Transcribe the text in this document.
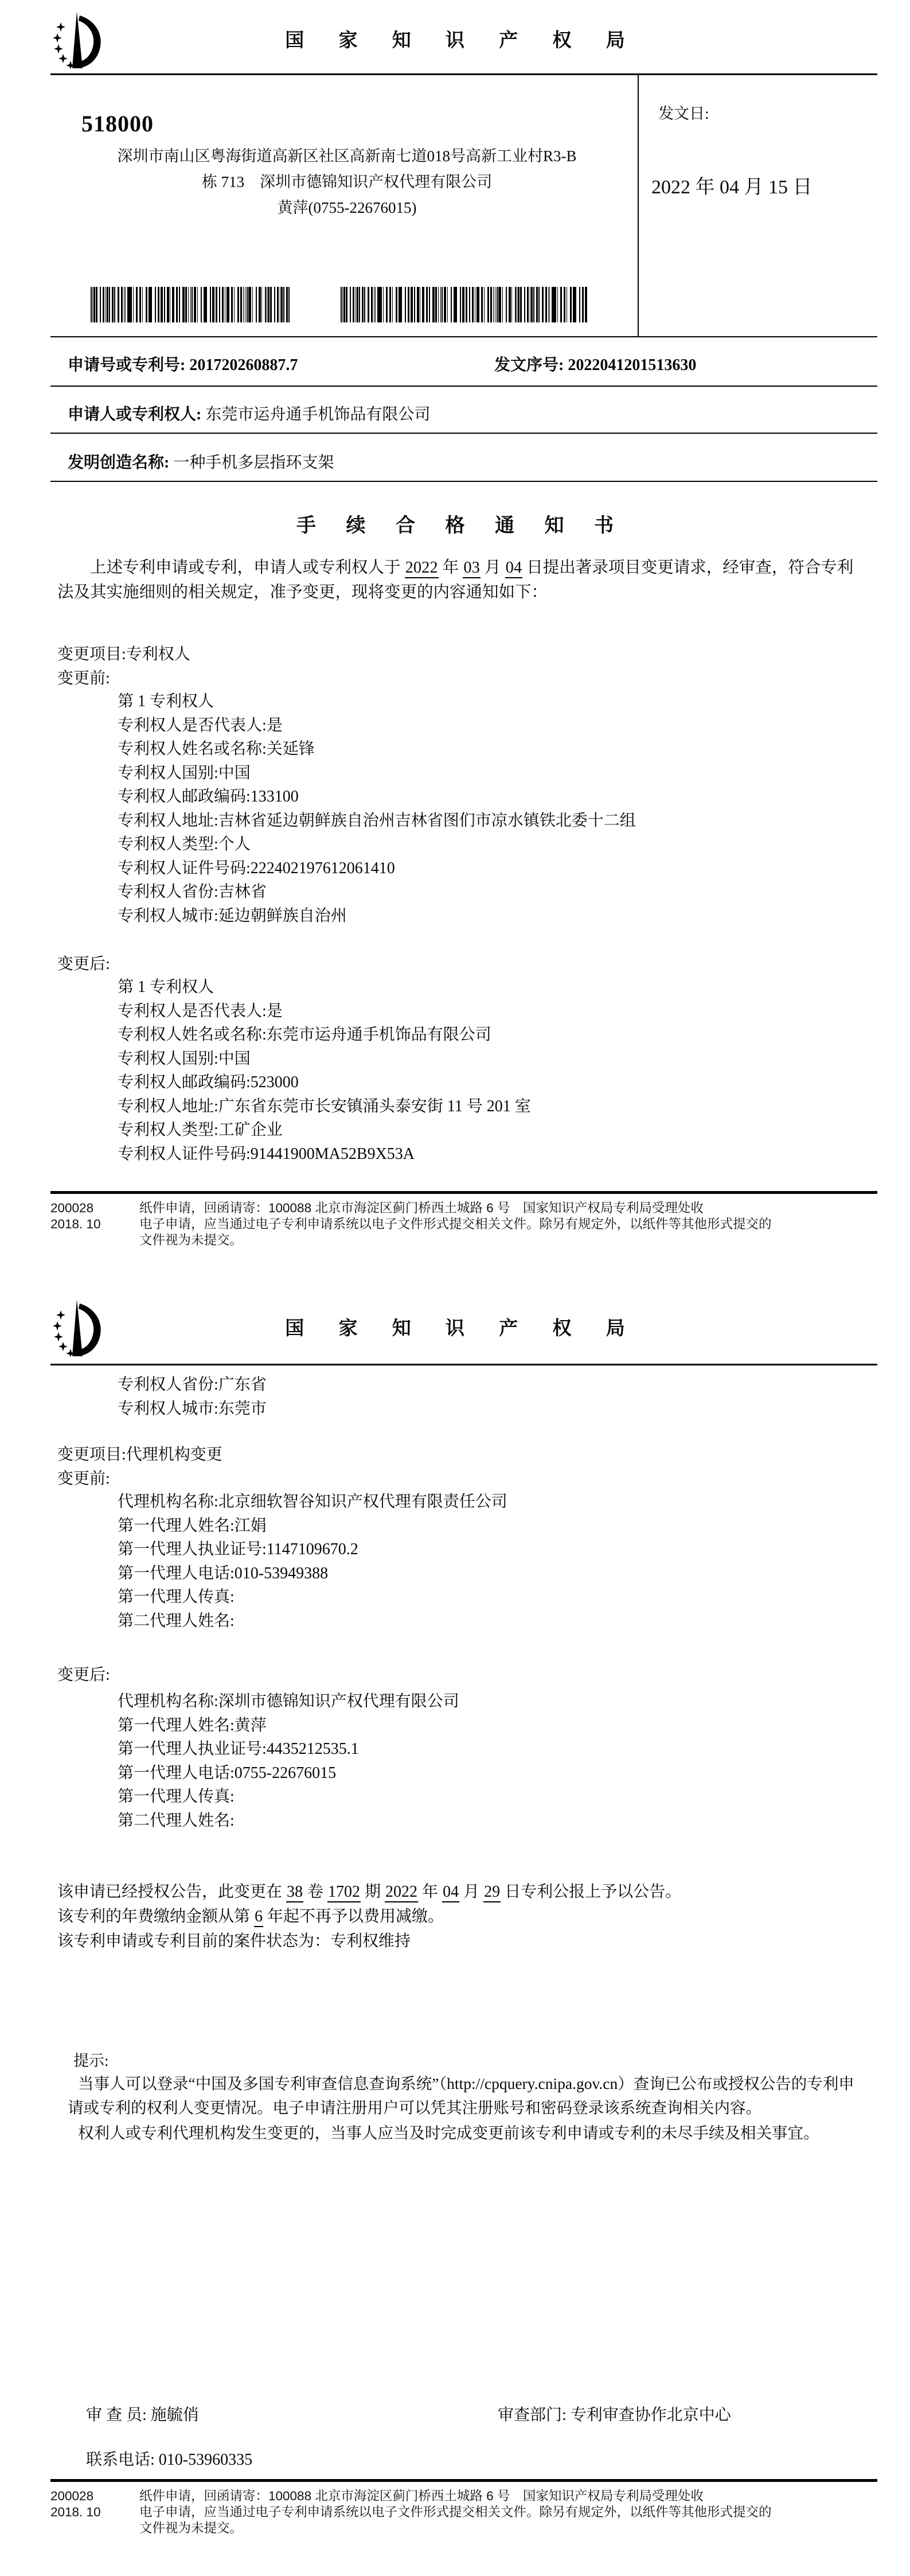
国 家 知 识 产 权 局
518000
深圳市南山区粤海街道高新区社区高新南七道018号高新工业村R3-B
栋 713　深圳市德锦知识产权代理有限公司
黄萍(0755-22676015)
发文日:
2022 年 04 月 15 日
申请号或专利号: 201720260887.7	发文序号: 2022041201513630
申请人或专利权人: 东莞市运舟通手机饰品有限公司
发明创造名称: 一种手机多层指环支架
手 续 合 格 通 知 书
上述专利申请或专利，申请人或专利权人于 2022 年 03 月 04 日提出著录项目变更请求，经审查，符合专利法及其实施细则的相关规定，准予变更，现将变更的内容通知如下：
变更项目:专利权人
变更前:
第 1 专利权人
专利权人是否代表人:是
专利权人姓名或名称:关延锋
专利权人国别:中国
专利权人邮政编码:133100
专利权人地址:吉林省延边朝鲜族自治州吉林省图们市凉水镇铁北委十二组
专利权人类型:个人
专利权人证件号码:222402197612061410
专利权人省份:吉林省
专利权人城市:延边朝鲜族自治州
变更后:
第 1 专利权人
专利权人是否代表人:是
专利权人姓名或名称:东莞市运舟通手机饰品有限公司
专利权人国别:中国
专利权人邮政编码:523000
专利权人地址:广东省东莞市长安镇涌头泰安街 11 号 201 室
专利权人类型:工矿企业
专利权人证件号码:91441900MA52B9X53A
200028
2018. 10
纸件申请，回函请寄：100088 北京市海淀区蓟门桥西土城路 6 号　国家知识产权局专利局受理处收
电子申请，应当通过电子专利申请系统以电子文件形式提交相关文件。除另有规定外，以纸件等其他形式提交的
文件视为未提交。
国 家 知 识 产 权 局
专利权人省份:广东省
专利权人城市:东莞市
变更项目:代理机构变更
变更前:
代理机构名称:北京细软智谷知识产权代理有限责任公司
第一代理人姓名:江娟
第一代理人执业证号:1147109670.2
第一代理人电话:010-53949388
第一代理人传真:
第二代理人姓名:
变更后:
代理机构名称:深圳市德锦知识产权代理有限公司
第一代理人姓名:黄萍
第一代理人执业证号:4435212535.1
第一代理人电话:0755-22676015
第一代理人传真:
第二代理人姓名:
该申请已经授权公告，此变更在 38 卷 1702 期 2022 年 04 月 29 日专利公报上予以公告。
该专利的年费缴纳金额从第 6 年起不再予以费用减缴。
该专利申请或专利目前的案件状态为：专利权维持
提示:
当事人可以登录“中国及多国专利审查信息查询系统”（http://cpquery.cnipa.gov.cn）查询已公布或授权公告的专利申请或专利的权利人变更情况。电子申请注册用户可以凭其注册账号和密码登录该系统查询相关内容。
权利人或专利代理机构发生变更的，当事人应当及时完成变更前该专利申请或专利的未尽手续及相关事宜。
审 查 员: 施毓俏	审查部门: 专利审查协作北京中心
联系电话: 010-53960335
200028
2018. 10
纸件申请，回函请寄：100088 北京市海淀区蓟门桥西土城路 6 号　国家知识产权局专利局受理处收
电子申请，应当通过电子专利申请系统以电子文件形式提交相关文件。除另有规定外，以纸件等其他形式提交的
文件视为未提交。
